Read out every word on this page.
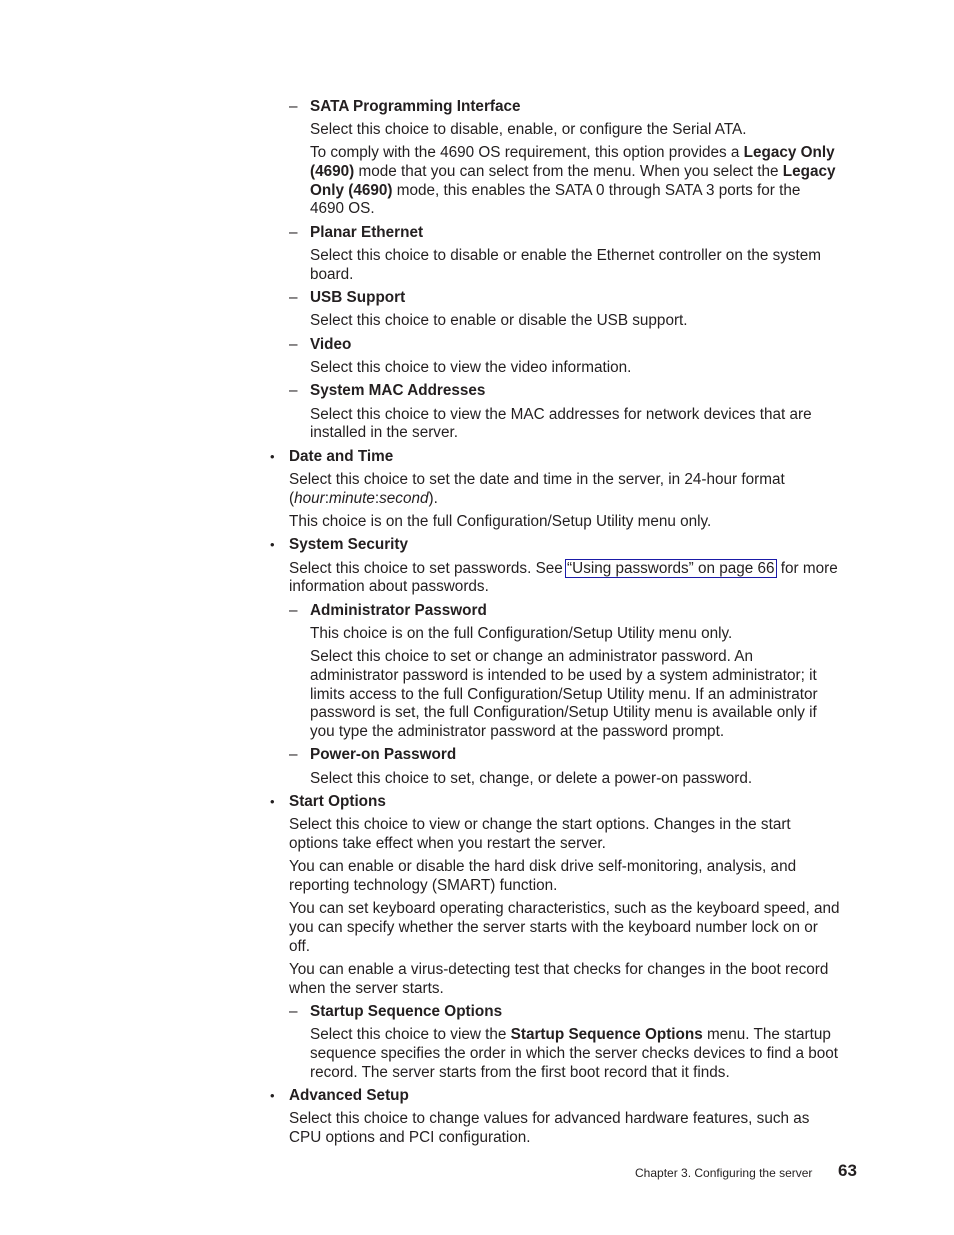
– SATA Programming Interface
Select this choice to disable, enable, or configure the Serial ATA.
To comply with the 4690 OS requirement, this option provides a Legacy Only
(4690) mode that you can select from the menu. When you select the Legacy
Only (4690) mode, this enables the SATA 0 through SATA 3 ports for the
4690 OS.
– Planar Ethernet
Select this choice to disable or enable the Ethernet controller on the system
board.
– USB Support
Select this choice to enable or disable the USB support.
– Video
Select this choice to view the video information.
– System MAC Addresses
Select this choice to view the MAC addresses for network devices that are
installed in the server.
• Date and Time
Select this choice to set the date and time in the server, in 24-hour format
(hour:minute:second).
This choice is on the full Configuration/Setup Utility menu only.
• System Security
Select this choice to set passwords. See “Using passwords” on page 66 for more
information about passwords.
– Administrator Password
This choice is on the full Configuration/Setup Utility menu only.
Select this choice to set or change an administrator password. An
administrator password is intended to be used by a system administrator; it
limits access to the full Configuration/Setup Utility menu. If an administrator
password is set, the full Configuration/Setup Utility menu is available only if
you type the administrator password at the password prompt.
– Power-on Password
Select this choice to set, change, or delete a power-on password.
• Start Options
Select this choice to view or change the start options. Changes in the start
options take effect when you restart the server.
You can enable or disable the hard disk drive self-monitoring, analysis, and
reporting technology (SMART) function.
You can set keyboard operating characteristics, such as the keyboard speed, and
you can specify whether the server starts with the keyboard number lock on or
off.
You can enable a virus-detecting test that checks for changes in the boot record
when the server starts.
– Startup Sequence Options
Select this choice to view the Startup Sequence Options menu. The startup
sequence specifies the order in which the server checks devices to find a boot
record. The server starts from the first boot record that it finds.
• Advanced Setup
Select this choice to change values for advanced hardware features, such as
CPU options and PCI configuration.
Chapter 3. Configuring the server 63
